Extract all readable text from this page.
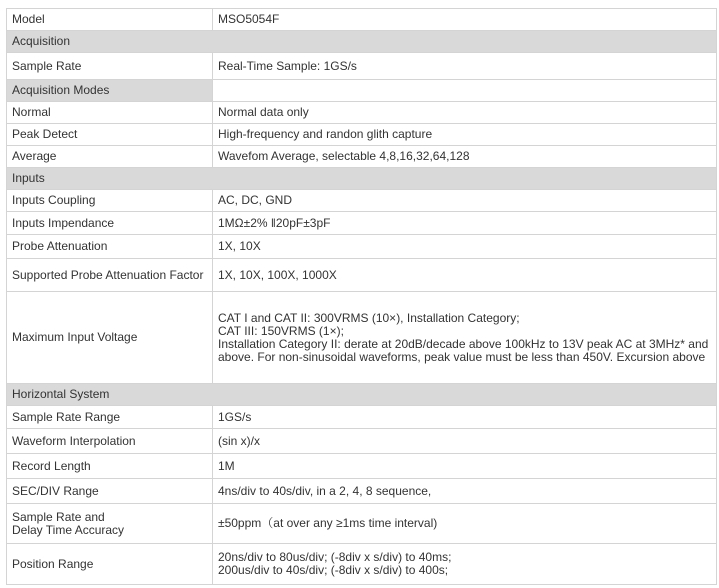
Model	MSO5054F
Acquisition	
Sample Rate	Real-Time Sample: 1GS/s
Acquisition Modes	
Normal	Normal data only
Peak Detect	High-frequency and randon glith capture
Average	Wavefom Average, selectable 4,8,16,32,64,128
Inputs	
Inputs Coupling	AC, DC, GND
Inputs Impendance	1MΩ±2% ǁ20pF±3pF
Probe Attenuation	1X, 10X
Supported Probe Attenuation Factor	1X, 10X, 100X, 1000X
Maximum Input Voltage	CAT I and CAT II: 300VRMS (10×), Installation Category;
CAT III: 150VRMS (1×);
Installation Category II: derate at 20dB/decade above 100kHz to 13V peak AC at 3MHz* and above. For non-sinusoidal waveforms, peak value must be less than 450V. Excursion above
Horizontal System	
Sample Rate Range	1GS/s
Waveform Interpolation	(sin x)/x
Record Length	1M
SEC/DIV Range	4ns/div to 40s/div, in a 2, 4, 8 sequence,
Sample Rate and
Delay Time Accuracy	±50ppm（at over any ≥1ms time interval)
Position Range	20ns/div to 80us/div; (-8div x s/div) to 40ms;
200us/div to 40s/div; (-8div x s/div) to 400s;
